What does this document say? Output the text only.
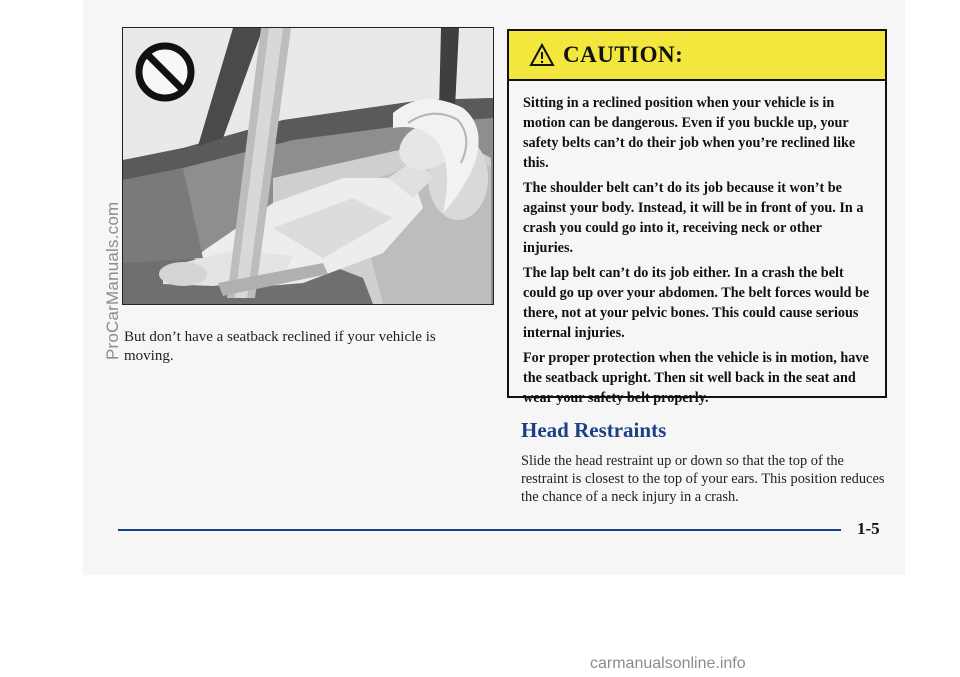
ProCarManuals.com But don’t have a seatback reclined if your vehicle is moving.
CAUTION:

Sitting in a reclined position when your vehicle is in motion can be dangerous. Even if you buckle up, your safety belts can’t do their job when you’re reclined like this.

The shoulder belt can’t do its job because it won’t be against your body. Instead, it will be in front of you. In a crash you could go into it, receiving neck or other injuries.

The lap belt can’t do its job either. In a crash the belt could go up over your abdomen. The belt forces would be there, not at your pelvic bones. This could cause serious internal injuries.

For proper protection when the vehicle is in motion, have the seatback upright. Then sit well back in the seat and wear your safety belt properly.

Head Restraints
Slide the head restraint up or down so that the top of the restraint is closest to the top of your ears. This position reduces the chance of a neck injury in a crash.
1-5
carmanualsonline.info
